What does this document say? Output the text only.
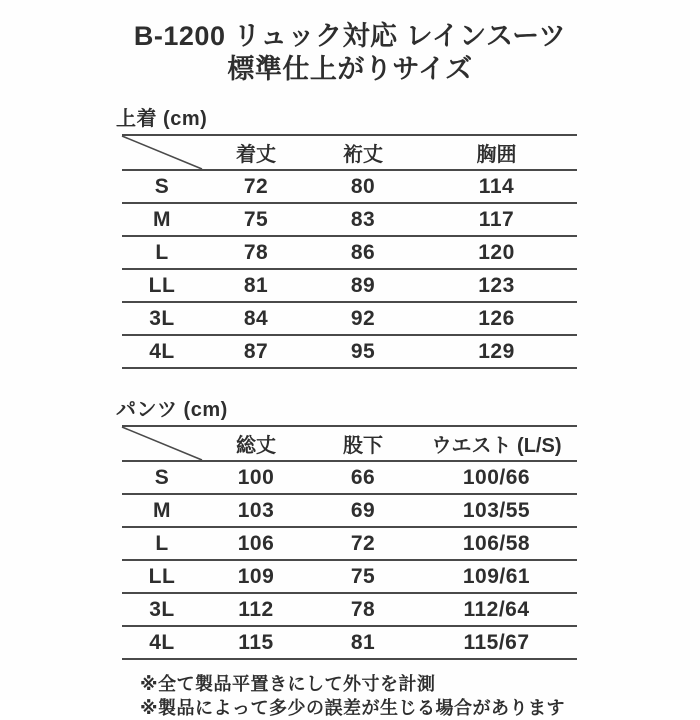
B-1200 リュック対応 レインスーツ
標準仕上がりサイズ
上着 (cm)
	着丈	裄丈	胸囲
S	72	80	114
M	75	83	117
L	78	86	120
LL	81	89	123
3L	84	92	126
4L	87	95	129
パンツ (cm)
	総丈	股下	ウエスト (L/S)
S	100	66	100/66
M	103	69	103/55
L	106	72	106/58
LL	109	75	109/61
3L	112	78	112/64
4L	115	81	115/67
※全て製品平置きにして外寸を計測
※製品によって多少の誤差が生じる場合があります
